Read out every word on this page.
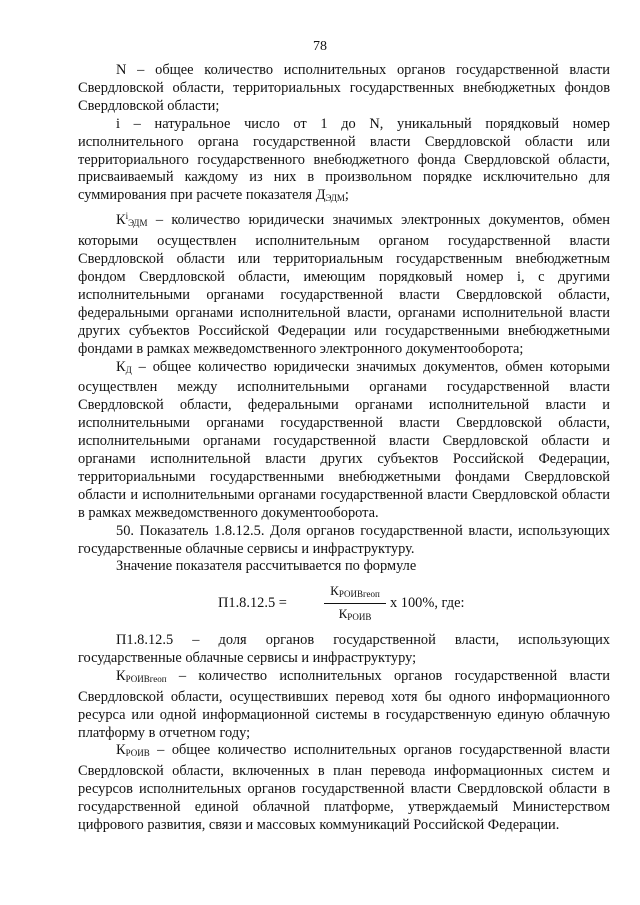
78

N – общее количество исполнительных органов государственной власти Свердловской области, территориальных государственных внебюджетных фондов Свердловской области;

i – натуральное число от 1 до N, уникальный порядковый номер исполнительного органа государственной власти Свердловской области или территориального государственного внебюджетного фонда Свердловской области, присваиваемый каждому из них в произвольном порядке исключительно для суммирования при расчете показателя $Д_{ЭДМ}$;

$К^i_{ЭДМ}$ – количество юридически значимых электронных документов, обмен которыми осуществлен исполнительным органом государственной власти Свердловской области или территориальным государственным внебюджетным фондом Свердловской области, имеющим порядковый номер i, с другими исполнительными органами государственной власти Свердловской области, федеральными органами исполнительной власти, органами исполнительной власти других субъектов Российской Федерации или государственными внебюджетными фондами в рамках межведомственного электронного документооборота;

$К_Д$ – общее количество юридически значимых документов, обмен которыми осуществлен между исполнительными органами государственной власти Свердловской области, федеральными органами исполнительной власти и исполнительными органами государственной власти Свердловской области, исполнительными органами государственной власти Свердловской области и органами исполнительной власти других субъектов Российской Федерации, территориальными государственными внебюджетными фондами Свердловской области и исполнительными органами государственной власти Свердловской области в рамках межведомственного документооборота.

50. Показатель 1.8.12.5. Доля органов государственной власти, использующих государственные облачные сервисы и инфраструктуру.

Значение показателя рассчитывается по формуле

П1.8.12.5 =
$К_{РОИВгеоп}$
$К_{РОИВ}$
x 100%, где:

П1.8.12.5 – доля органов государственной власти, использующих государственные облачные сервисы и инфраструктуру;

$К_{РОИВгеоп}$ – количество исполнительных органов государственной власти Свердловской области, осуществивших перевод хотя бы одного информационного ресурса или одной информационной системы в государственную единую облачную платформу в отчетном году;

$К_{РОИВ}$ – общее количество исполнительных органов государственной власти Свердловской области, включенных в план перевода информационных систем и ресурсов исполнительных органов государственной власти Свердловской области в государственной единой облачной платформе, утверждаемый Министерством цифрового развития, связи и массовых коммуникаций Российской Федерации.
